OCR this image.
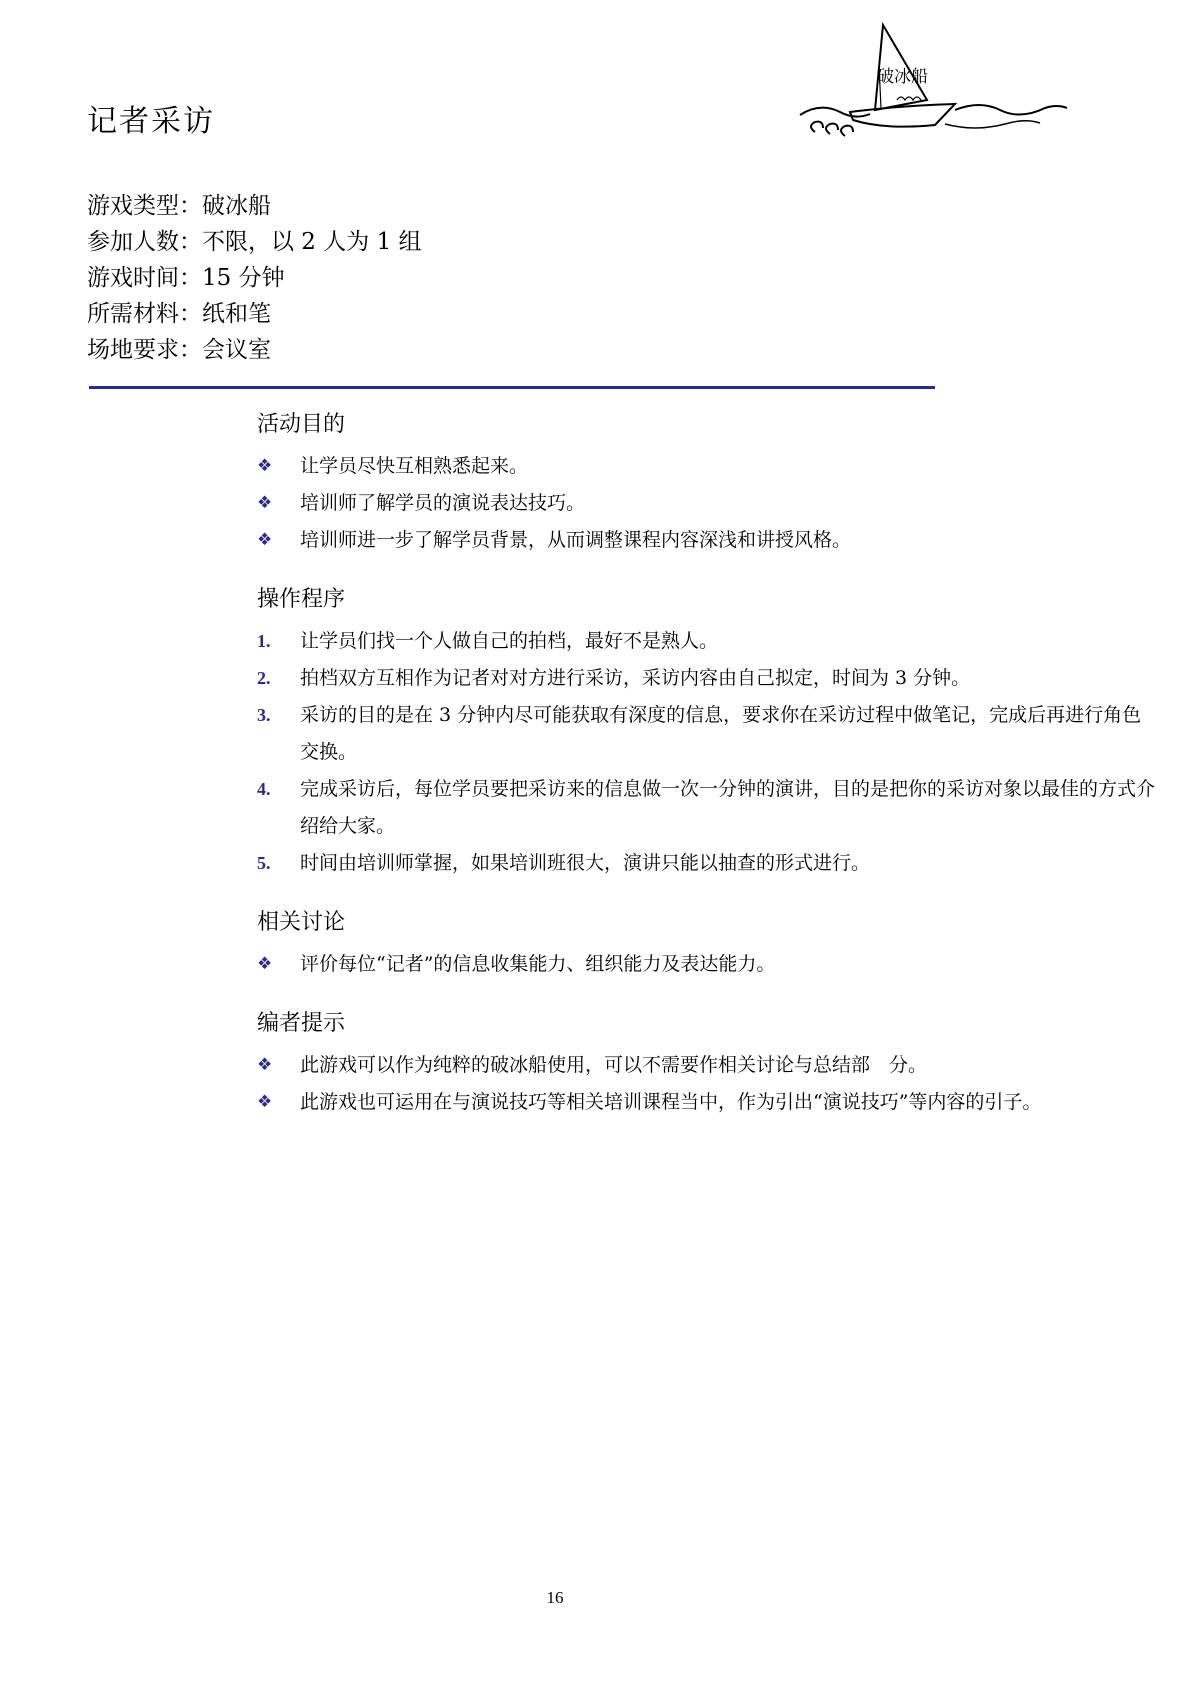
记者采访
破冰船
游戏类型：破冰船
参加人数：不限，以 2 人为 1 组
游戏时间：15 分钟
所需材料：纸和笔
场地要求：会议室
活动目的
❖ 让学员尽快互相熟悉起来。
❖ 培训师了解学员的演说表达技巧。
❖ 培训师进一步了解学员背景，从而调整课程内容深浅和讲授风格。
操作程序
1. 让学员们找一个人做自己的拍档，最好不是熟人。
2. 拍档双方互相作为记者对对方进行采访，采访内容由自己拟定，时间为 3 分钟。
3. 采访的目的是在 3 分钟内尽可能获取有深度的信息，要求你在采访过程中做笔记，完成后再进行角色交换。
4. 完成采访后，每位学员要把采访来的信息做一次一分钟的演讲，目的是把你的采访对象以最佳的方式介绍给大家。
5. 时间由培训师掌握，如果培训班很大，演讲只能以抽查的形式进行。
相关讨论
❖ 评价每位“记者”的信息收集能力、组织能力及表达能力。
编者提示
❖ 此游戏可以作为纯粹的破冰船使用，可以不需要作相关讨论与总结部　分。
❖ 此游戏也可运用在与演说技巧等相关培训课程当中，作为引出“演说技巧”等内容的引子。
16
